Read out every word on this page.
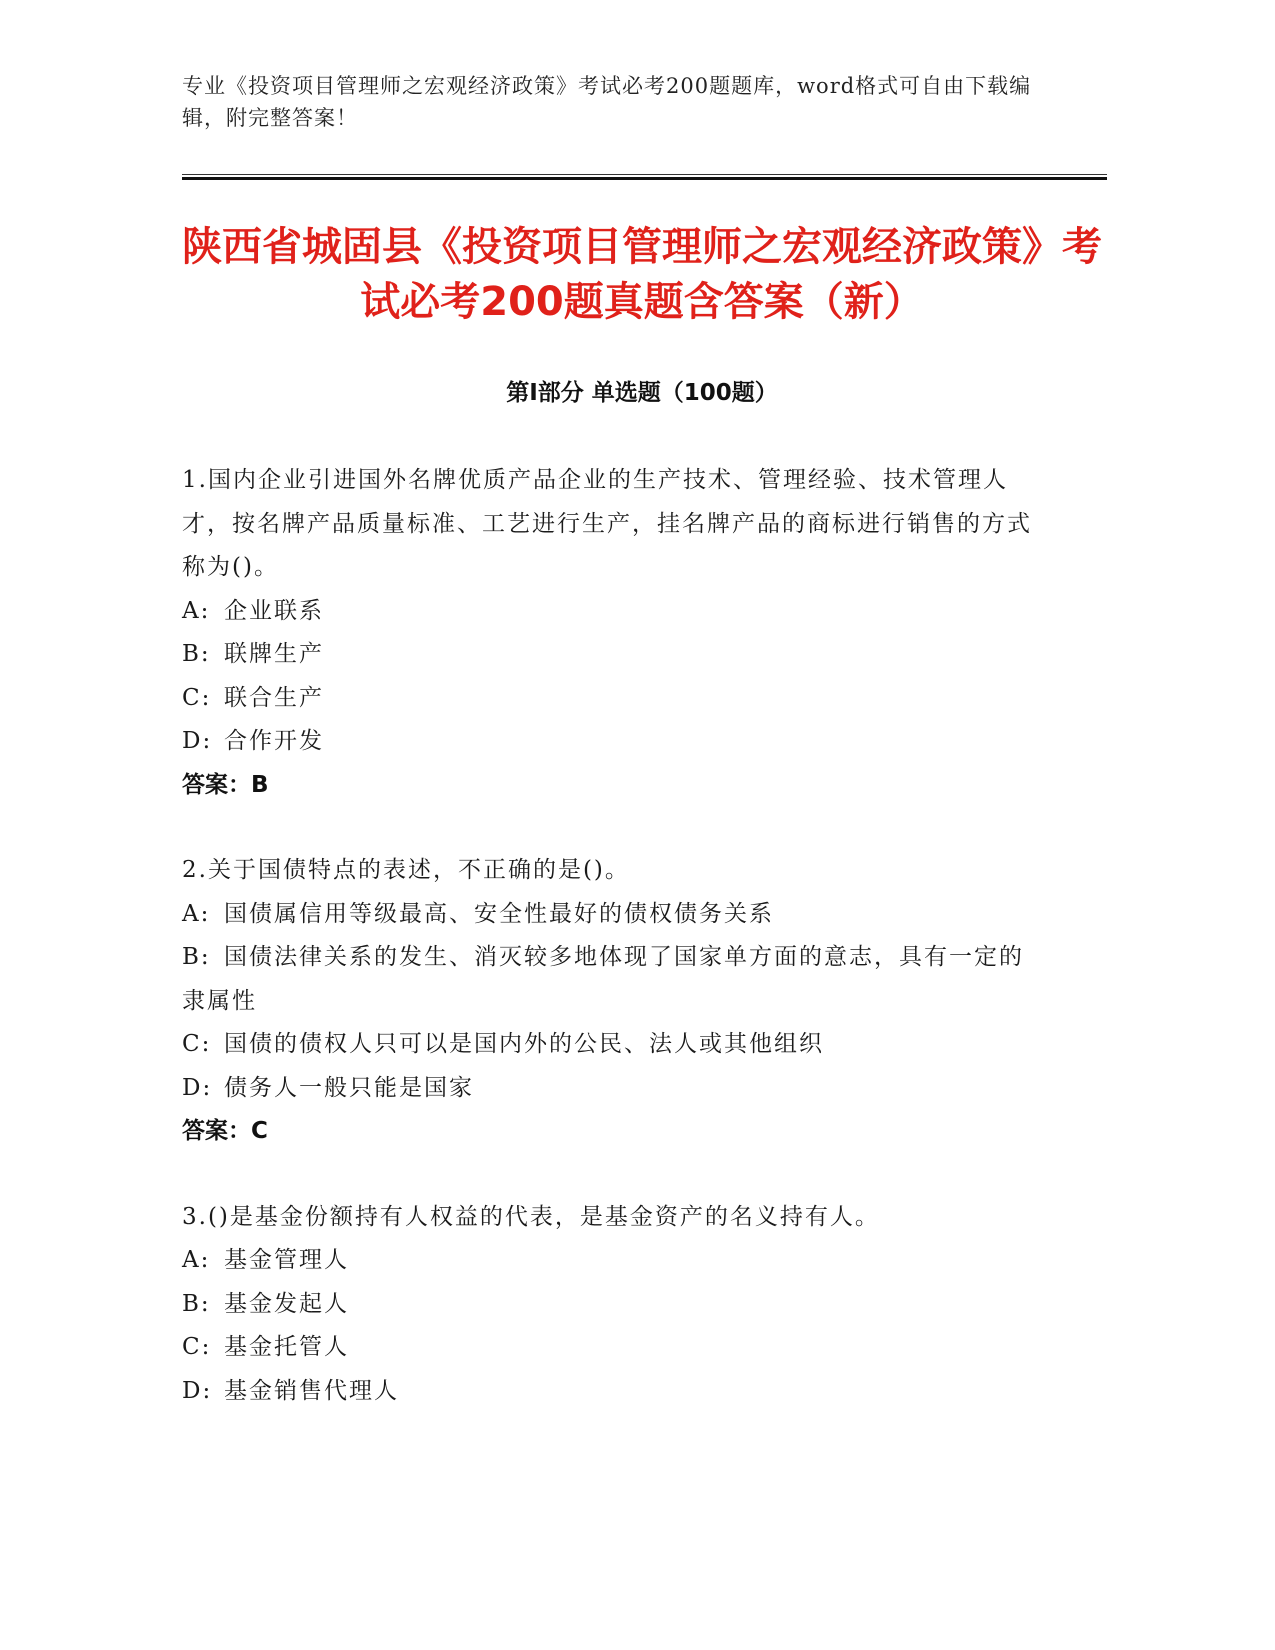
专业《投资项目管理师之宏观经济政策》考试必考200题题库，word格式可自由下载编辑，附完整答案！
陕西省城固县《投资项目管理师之宏观经济政策》考试必考200题真题含答案（新）
第Ⅰ部分 单选题（100题）
1.国内企业引进国外名牌优质产品企业的生产技术、管理经验、技术管理人才，按名牌产品质量标准、工艺进行生产，挂名牌产品的商标进行销售的方式称为()。
A: 企业联系
B: 联牌生产
C: 联合生产
D: 合作开发
答案：B
2.关于国债特点的表述，不正确的是()。
A: 国债属信用等级最高、安全性最好的债权债务关系
B: 国债法律关系的发生、消灭较多地体现了国家单方面的意志，具有一定的隶属性
C: 国债的债权人只可以是国内外的公民、法人或其他组织
D: 债务人一般只能是国家
答案：C
3.()是基金份额持有人权益的代表，是基金资产的名义持有人。
A: 基金管理人
B: 基金发起人
C: 基金托管人
D: 基金销售代理人
